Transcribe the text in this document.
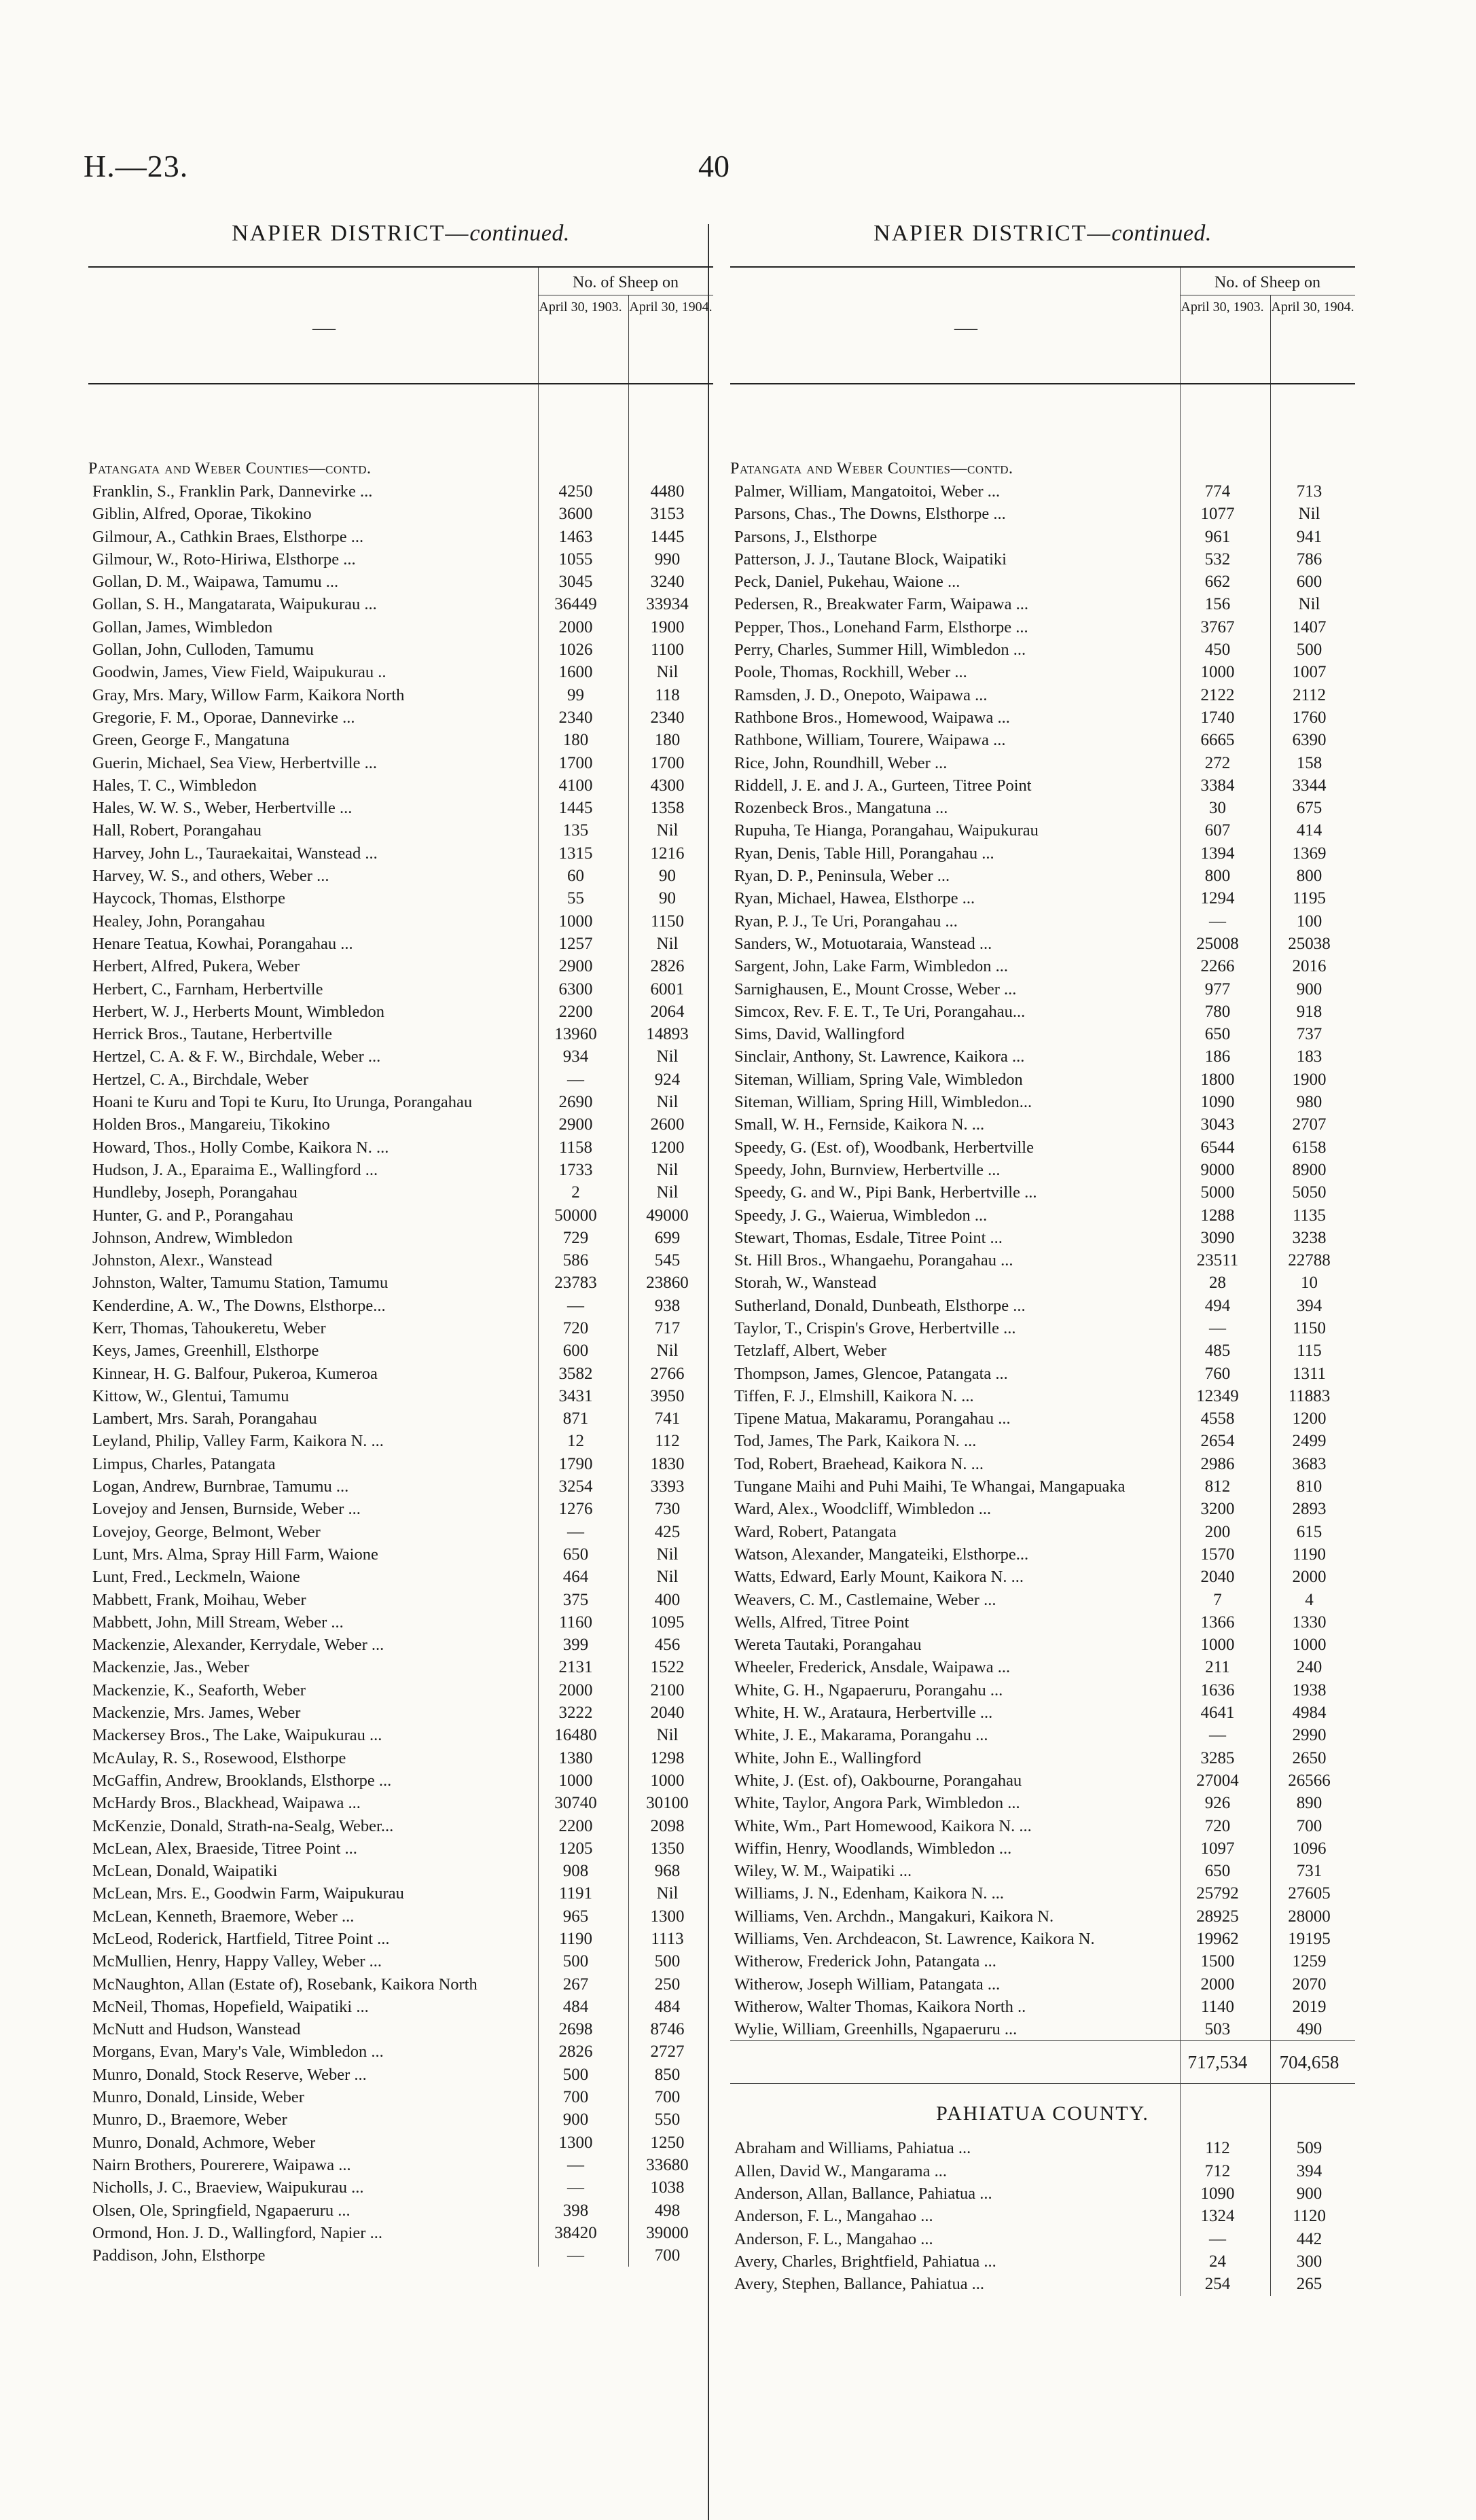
H.—23.	40
NAPIER DISTRICT—continued.
—
No. of Sheep on
April 30, 1903. April 30, 1904.
Patangata and Weber Counties—contd.
Franklin, S., Franklin Park, Dannevirke ...	4250	4480
Giblin, Alfred, Oporae, Tikokino	3600	3153
Gilmour, A., Cathkin Braes, Elsthorpe ...	1463	1445
Gilmour, W., Roto-Hiriwa, Elsthorpe ...	1055	990
Gollan, D. M., Waipawa, Tamumu ...	3045	3240
Gollan, S. H., Mangatarata, Waipukurau ...	36449	33934
Gollan, James, Wimbledon	2000	1900
Gollan, John, Culloden, Tamumu	1026	1100
Goodwin, James, View Field, Waipukurau ..	1600	Nil
Gray, Mrs. Mary, Willow Farm, Kaikora North	99	118
Gregorie, F. M., Oporae, Dannevirke ...	2340	2340
Green, George F., Mangatuna	180	180
Guerin, Michael, Sea View, Herbertville ...	1700	1700
Hales, T. C., Wimbledon	4100	4300
Hales, W. W. S., Weber, Herbertville ...	1445	1358
Hall, Robert, Porangahau	135	Nil
Harvey, John L., Tauraekaitai, Wanstead ...	1315	1216
Harvey, W. S., and others, Weber ...	60	90
Haycock, Thomas, Elsthorpe	55	90
Healey, John, Porangahau	1000	1150
Henare Teatua, Kowhai, Porangahau ...	1257	Nil
Herbert, Alfred, Pukera, Weber	2900	2826
Herbert, C., Farnham, Herbertville	6300	6001
Herbert, W. J., Herberts Mount, Wimbledon	2200	2064
Herrick Bros., Tautane, Herbertville	13960	14893
Hertzel, C. A. & F. W., Birchdale, Weber ...	934	Nil
Hertzel, C. A., Birchdale, Weber	—	924
Hoani te Kuru and Topi te Kuru, Ito Urunga, Porangahau	2690	Nil
Holden Bros., Mangareiu, Tikokino	2900	2600
Howard, Thos., Holly Combe, Kaikora N. ...	1158	1200
Hudson, J. A., Eparaima E., Wallingford ...	1733	Nil
Hundleby, Joseph, Porangahau	2	Nil
Hunter, G. and P., Porangahau	50000	49000
Johnson, Andrew, Wimbledon	729	699
Johnston, Alexr., Wanstead	586	545
Johnston, Walter, Tamumu Station, Tamumu	23783	23860
Kenderdine, A. W., The Downs, Elsthorpe...	—	938
Kerr, Thomas, Tahoukeretu, Weber	720	717
Keys, James, Greenhill, Elsthorpe	600	Nil
Kinnear, H. G. Balfour, Pukeroa, Kumeroa	3582	2766
Kittow, W., Glentui, Tamumu	3431	3950
Lambert, Mrs. Sarah, Porangahau	871	741
Leyland, Philip, Valley Farm, Kaikora N. ...	12	112
Limpus, Charles, Patangata	1790	1830
Logan, Andrew, Burnbrae, Tamumu ...	3254	3393
Lovejoy and Jensen, Burnside, Weber ...	1276	730
Lovejoy, George, Belmont, Weber	—	425
Lunt, Mrs. Alma, Spray Hill Farm, Waione	650	Nil
Lunt, Fred., Leckmeln, Waione	464	Nil
Mabbett, Frank, Moihau, Weber	375	400
Mabbett, John, Mill Stream, Weber ...	1160	1095
Mackenzie, Alexander, Kerrydale, Weber ...	399	456
Mackenzie, Jas., Weber	2131	1522
Mackenzie, K., Seaforth, Weber	2000	2100
Mackenzie, Mrs. James, Weber	3222	2040
Mackersey Bros., The Lake, Waipukurau ...	16480	Nil
McAulay, R. S., Rosewood, Elsthorpe	1380	1298
McGaffin, Andrew, Brooklands, Elsthorpe ...	1000	1000
McHardy Bros., Blackhead, Waipawa ...	30740	30100
McKenzie, Donald, Strath-na-Sealg, Weber...	2200	2098
McLean, Alex, Braeside, Titree Point ...	1205	1350
McLean, Donald, Waipatiki	908	968
McLean, Mrs. E., Goodwin Farm, Waipukurau	1191	Nil
McLean, Kenneth, Braemore, Weber ...	965	1300
McLeod, Roderick, Hartfield, Titree Point ...	1190	1113
McMullien, Henry, Happy Valley, Weber ...	500	500
McNaughton, Allan (Estate of), Rosebank, Kaikora North	267	250
McNeil, Thomas, Hopefield, Waipatiki ...	484	484
McNutt and Hudson, Wanstead	2698	8746
Morgans, Evan, Mary's Vale, Wimbledon ...	2826	2727
Munro, Donald, Stock Reserve, Weber ...	500	850
Munro, Donald, Linside, Weber	700	700
Munro, D., Braemore, Weber	900	550
Munro, Donald, Achmore, Weber	1300	1250
Nairn Brothers, Pourerere, Waipawa ...	—	33680
Nicholls, J. C., Braeview, Waipukurau ...	—	1038
Olsen, Ole, Springfield, Ngapaeruru ...	398	498
Ormond, Hon. J. D., Wallingford, Napier ...	38420	39000
Paddison, John, Elsthorpe	—	700
NAPIER DISTRICT—continued.
—
No. of Sheep on
April 30, 1903. April 30, 1904.
Patangata and Weber Counties—contd.
Palmer, William, Mangatoitoi, Weber ...	774	713
Parsons, Chas., The Downs, Elsthorpe ...	1077	Nil
Parsons, J., Elsthorpe	961	941
Patterson, J. J., Tautane Block, Waipatiki	532	786
Peck, Daniel, Pukehau, Waione ...	662	600
Pedersen, R., Breakwater Farm, Waipawa ...	156	Nil
Pepper, Thos., Lonehand Farm, Elsthorpe ...	3767	1407
Perry, Charles, Summer Hill, Wimbledon ...	450	500
Poole, Thomas, Rockhill, Weber ...	1000	1007
Ramsden, J. D., Onepoto, Waipawa ...	2122	2112
Rathbone Bros., Homewood, Waipawa ...	1740	1760
Rathbone, William, Tourere, Waipawa ...	6665	6390
Rice, John, Roundhill, Weber ...	272	158
Riddell, J. E. and J. A., Gurteen, Titree Point	3384	3344
Rozenbeck Bros., Mangatuna ...	30	675
Rupuha, Te Hianga, Porangahau, Waipukurau	607	414
Ryan, Denis, Table Hill, Porangahau ...	1394	1369
Ryan, D. P., Peninsula, Weber ...	800	800
Ryan, Michael, Hawea, Elsthorpe ...	1294	1195
Ryan, P. J., Te Uri, Porangahau ...	—	100
Sanders, W., Motuotaraia, Wanstead ...	25008	25038
Sargent, John, Lake Farm, Wimbledon ...	2266	2016
Sarnighausen, E., Mount Crosse, Weber ...	977	900
Simcox, Rev. F. E. T., Te Uri, Porangahau...	780	918
Sims, David, Wallingford	650	737
Sinclair, Anthony, St. Lawrence, Kaikora ...	186	183
Siteman, William, Spring Vale, Wimbledon	1800	1900
Siteman, William, Spring Hill, Wimbledon...	1090	980
Small, W. H., Fernside, Kaikora N. ...	3043	2707
Speedy, G. (Est. of), Woodbank, Herbertville	6544	6158
Speedy, John, Burnview, Herbertville ...	9000	8900
Speedy, G. and W., Pipi Bank, Herbertville ...	5000	5050
Speedy, J. G., Waierua, Wimbledon ...	1288	1135
Stewart, Thomas, Esdale, Titree Point ...	3090	3238
St. Hill Bros., Whangaehu, Porangahau ...	23511	22788
Storah, W., Wanstead	28	10
Sutherland, Donald, Dunbeath, Elsthorpe ...	494	394
Taylor, T., Crispin's Grove, Herbertville ...	—	1150
Tetzlaff, Albert, Weber	485	115
Thompson, James, Glencoe, Patangata ...	760	1311
Tiffen, F. J., Elmshill, Kaikora N. ...	12349	11883
Tipene Matua, Makaramu, Porangahau ...	4558	1200
Tod, James, The Park, Kaikora N. ...	2654	2499
Tod, Robert, Braehead, Kaikora N. ...	2986	3683
Tungane Maihi and Puhi Maihi, Te Whangai, Mangapuaka	812	810
Ward, Alex., Woodcliff, Wimbledon ...	3200	2893
Ward, Robert, Patangata	200	615
Watson, Alexander, Mangateiki, Elsthorpe...	1570	1190
Watts, Edward, Early Mount, Kaikora N. ...	2040	2000
Weavers, C. M., Castlemaine, Weber ...	7	4
Wells, Alfred, Titree Point	1366	1330
Wereta Tautaki, Porangahau	1000	1000
Wheeler, Frederick, Ansdale, Waipawa ...	211	240
White, G. H., Ngapaeruru, Porangahu ...	1636	1938
White, H. W., Arataura, Herbertville ...	4641	4984
White, J. E., Makarama, Porangahu ...	—	2990
White, John E., Wallingford	3285	2650
White, J. (Est. of), Oakbourne, Porangahau	27004	26566
White, Taylor, Angora Park, Wimbledon ...	926	890
White, Wm., Part Homewood, Kaikora N. ...	720	700
Wiffin, Henry, Woodlands, Wimbledon ...	1097	1096
Wiley, W. M., Waipatiki ...	650	731
Williams, J. N., Edenham, Kaikora N. ...	25792	27605
Williams, Ven. Archdn., Mangakuri, Kaikora N.	28925	28000
Williams, Ven. Archdeacon, St. Lawrence, Kaikora N.	19962	19195
Witherow, Frederick John, Patangata ...	1500	1259
Witherow, Joseph William, Patangata ...	2000	2070
Witherow, Walter Thomas, Kaikora North ..	1140	2019
Wylie, William, Greenhills, Ngapaeruru ...	503	490
717,534	704,658
PAHIATUA COUNTY.
Abraham and Williams, Pahiatua ...	112	509
Allen, David W., Mangarama ...	712	394
Anderson, Allan, Ballance, Pahiatua ...	1090	900
Anderson, F. L., Mangahao ...	1324	1120
Anderson, F. L., Mangahao ...	—	442
Avery, Charles, Brightfield, Pahiatua ...	24	300
Avery, Stephen, Ballance, Pahiatua ...	254	265
